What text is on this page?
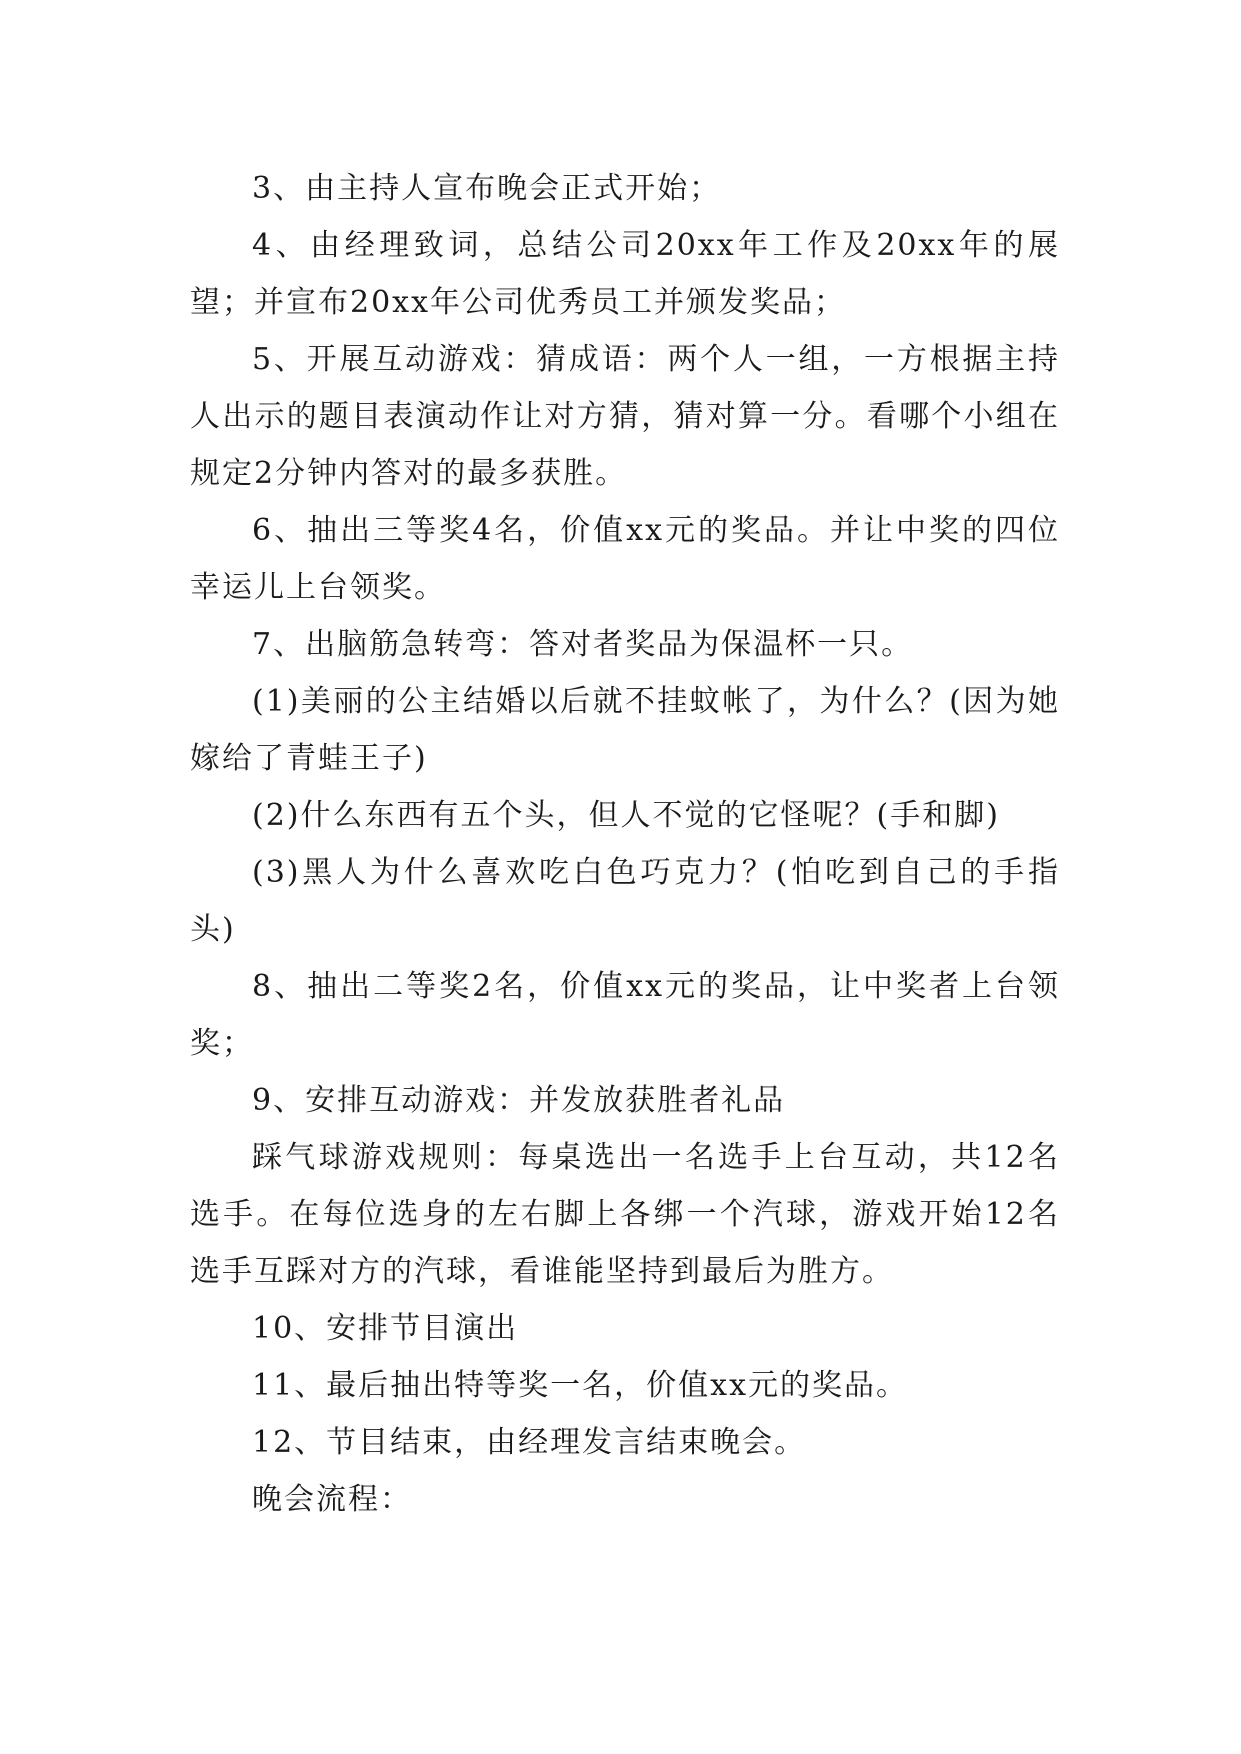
3、由主持人宣布晚会正式开始；

4、由经理致词，总结公司20xx年工作及20xx年的展望；并宣布20xx年公司优秀员工并颁发奖品；

5、开展互动游戏：猜成语：两个人一组，一方根据主持人出示的题目表演动作让对方猜，猜对算一分。看哪个小组在规定2分钟内答对的最多获胜。

6、抽出三等奖4名，价值xx元的奖品。并让中奖的四位幸运儿上台领奖。

7、出脑筋急转弯：答对者奖品为保温杯一只。

(1)美丽的公主结婚以后就不挂蚊帐了，为什么？(因为她嫁给了青蛙王子)

(2)什么东西有五个头，但人不觉的它怪呢？(手和脚)

(3)黑人为什么喜欢吃白色巧克力？(怕吃到自己的手指头)

8、抽出二等奖2名，价值xx元的奖品，让中奖者上台领奖；

9、安排互动游戏：并发放获胜者礼品

踩气球游戏规则：每桌选出一名选手上台互动，共12名选手。在每位选身的左右脚上各绑一个汽球，游戏开始12名选手互踩对方的汽球，看谁能坚持到最后为胜方。

10、安排节目演出

11、最后抽出特等奖一名，价值xx元的奖品。

12、节目结束，由经理发言结束晚会。

晚会流程：
